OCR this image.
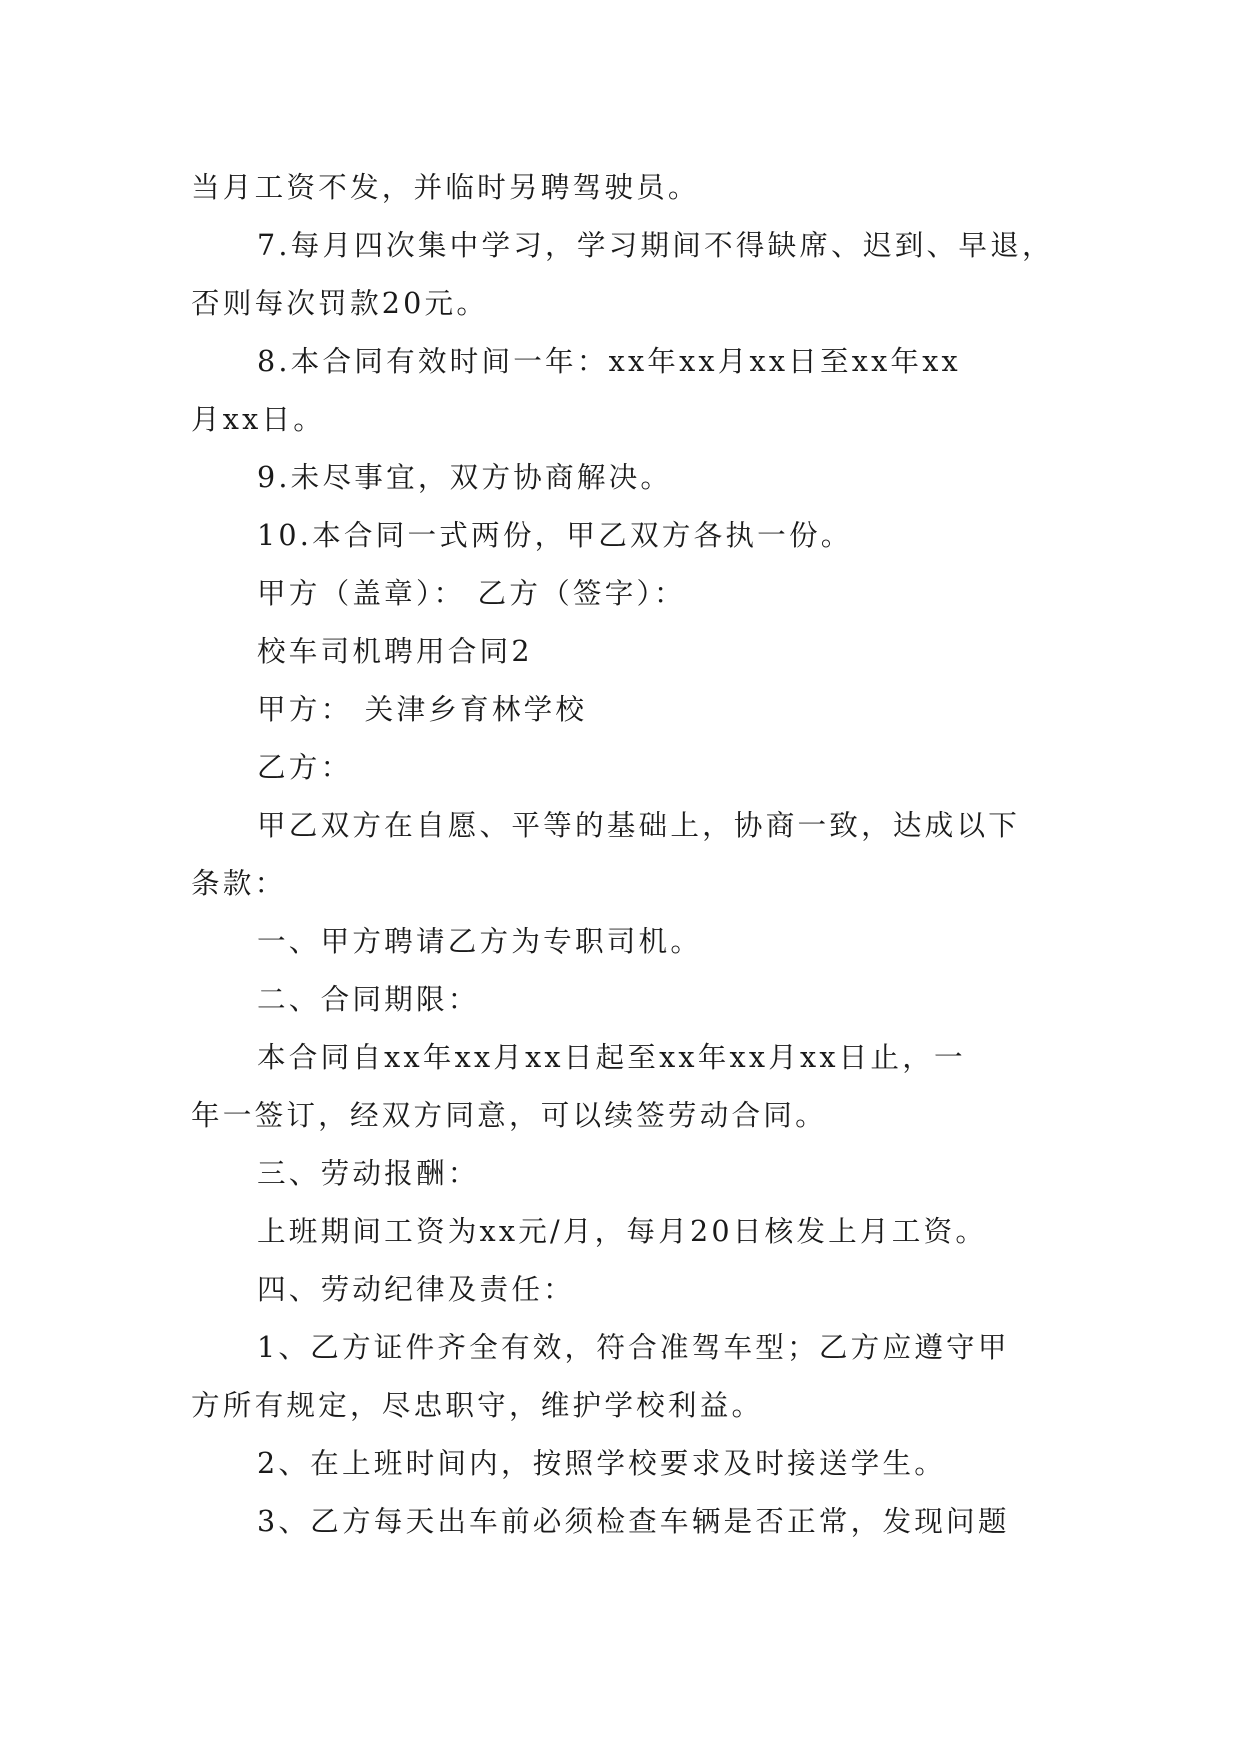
当月工资不发，并临时另聘驾驶员。

7.每月四次集中学习，学习期间不得缺席、迟到、早退，

否则每次罚款20元。

8.本合同有效时间一年：xx年xx月xx日至xx年xx

月xx日。

9.未尽事宜，双方协商解决。

10.本合同一式两份，甲乙双方各执一份。

甲方（盖章）： 乙方（签字）：

校车司机聘用合同2

甲方： 关津乡育林学校

乙方：

甲乙双方在自愿、平等的基础上，协商一致，达成以下

条款：

一、甲方聘请乙方为专职司机。

二、合同期限：

本合同自xx年xx月xx日起至xx年xx月xx日止，一

年一签订，经双方同意，可以续签劳动合同。

三、劳动报酬：

上班期间工资为xx元/月，每月20日核发上月工资。

四、劳动纪律及责任：

1、乙方证件齐全有效，符合准驾车型；乙方应遵守甲

方所有规定，尽忠职守，维护学校利益。

2、在上班时间内，按照学校要求及时接送学生。

3、乙方每天出车前必须检查车辆是否正常，发现问题
